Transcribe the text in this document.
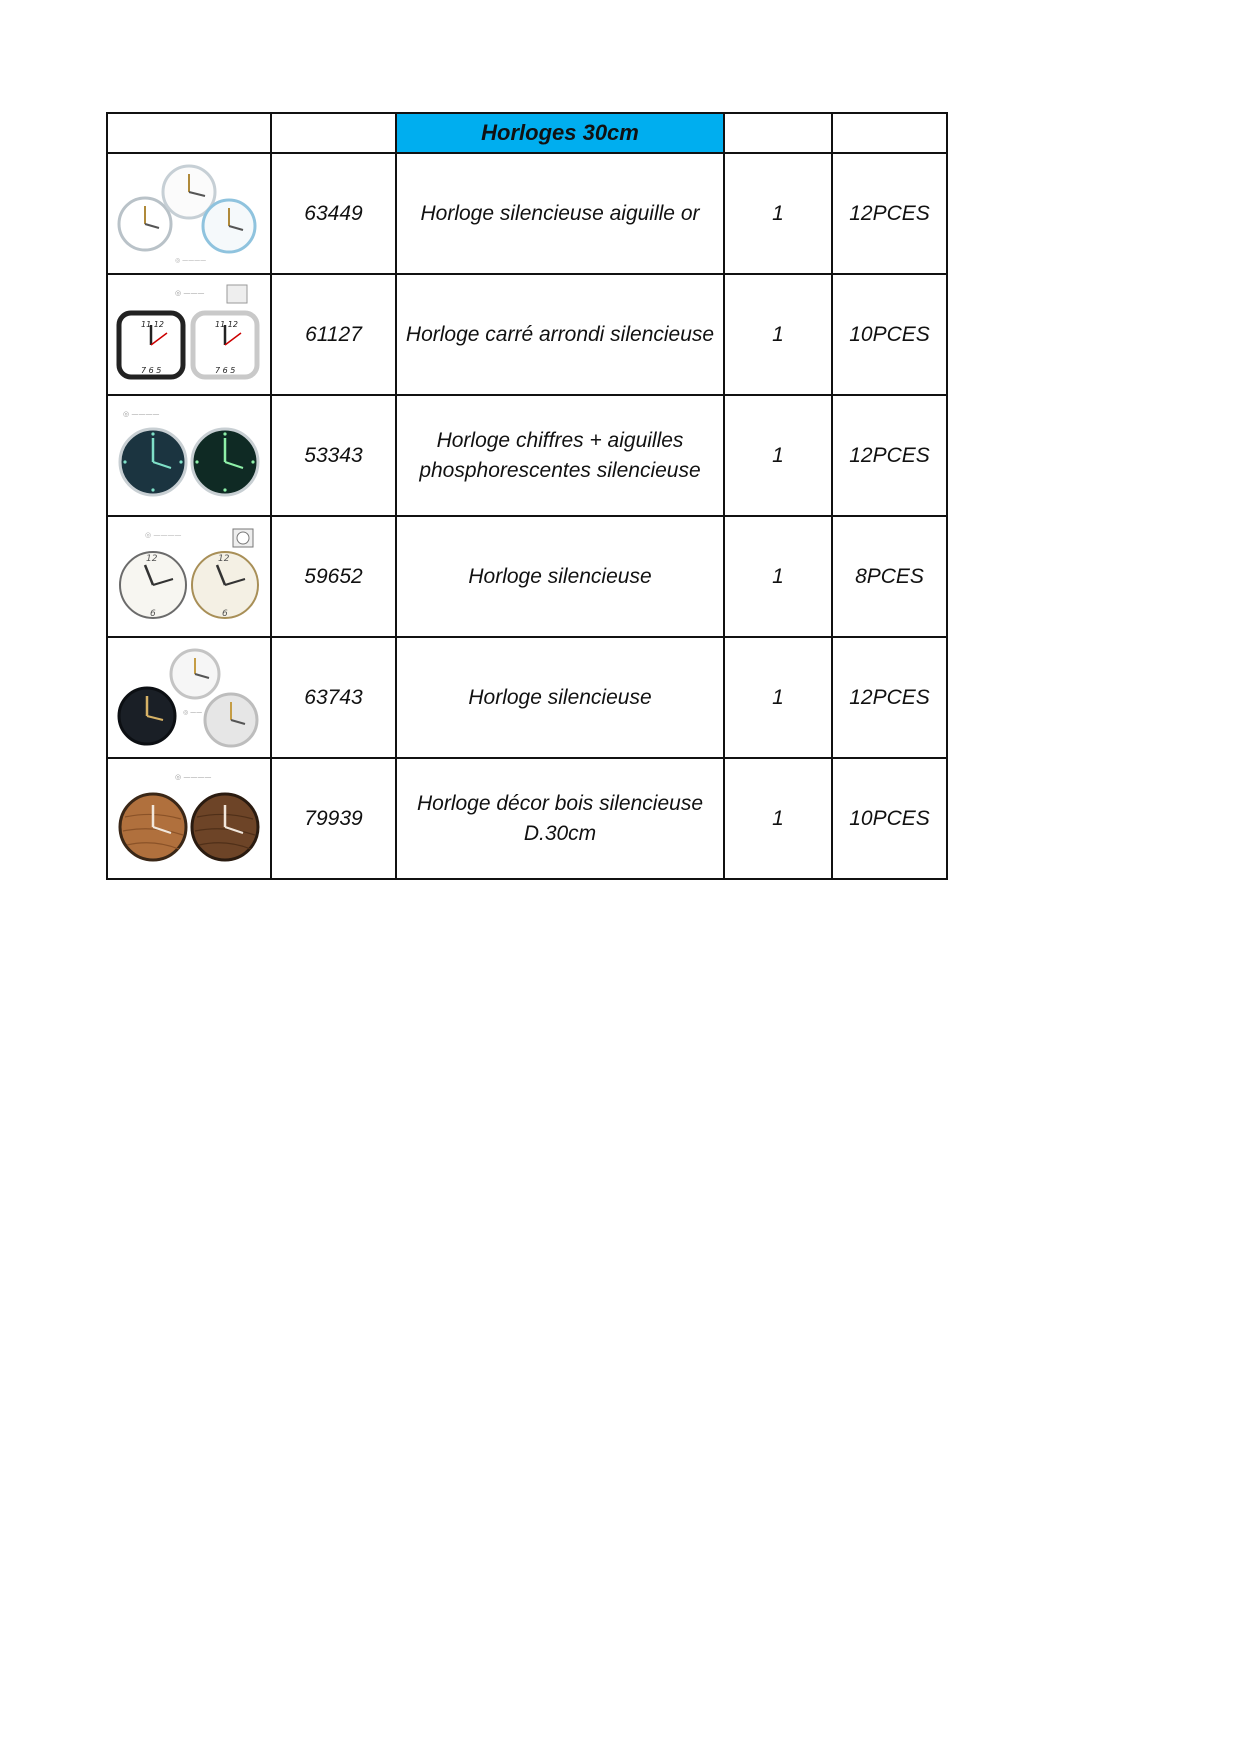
		Horloges 30cm		

◎ ————	63449	Horloge silencieuse aiguille or	1	12PCES

◎ ———
11 12
7 6 5
11 12
7 6 5	61127	Horloge carré arrondi silencieuse	1	10PCES

◎ ————	53343	Horloge chiffres + aiguilles
phosphorescentes silencieuse	1	12PCES

◎ ————
12
6
12
6	59652	Horloge silencieuse	1	8PCES

◎ ——	63743	Horloge silencieuse	1	12PCES

◎ ————	79939	Horloge décor bois silencieuse
D.30cm	1	10PCES
